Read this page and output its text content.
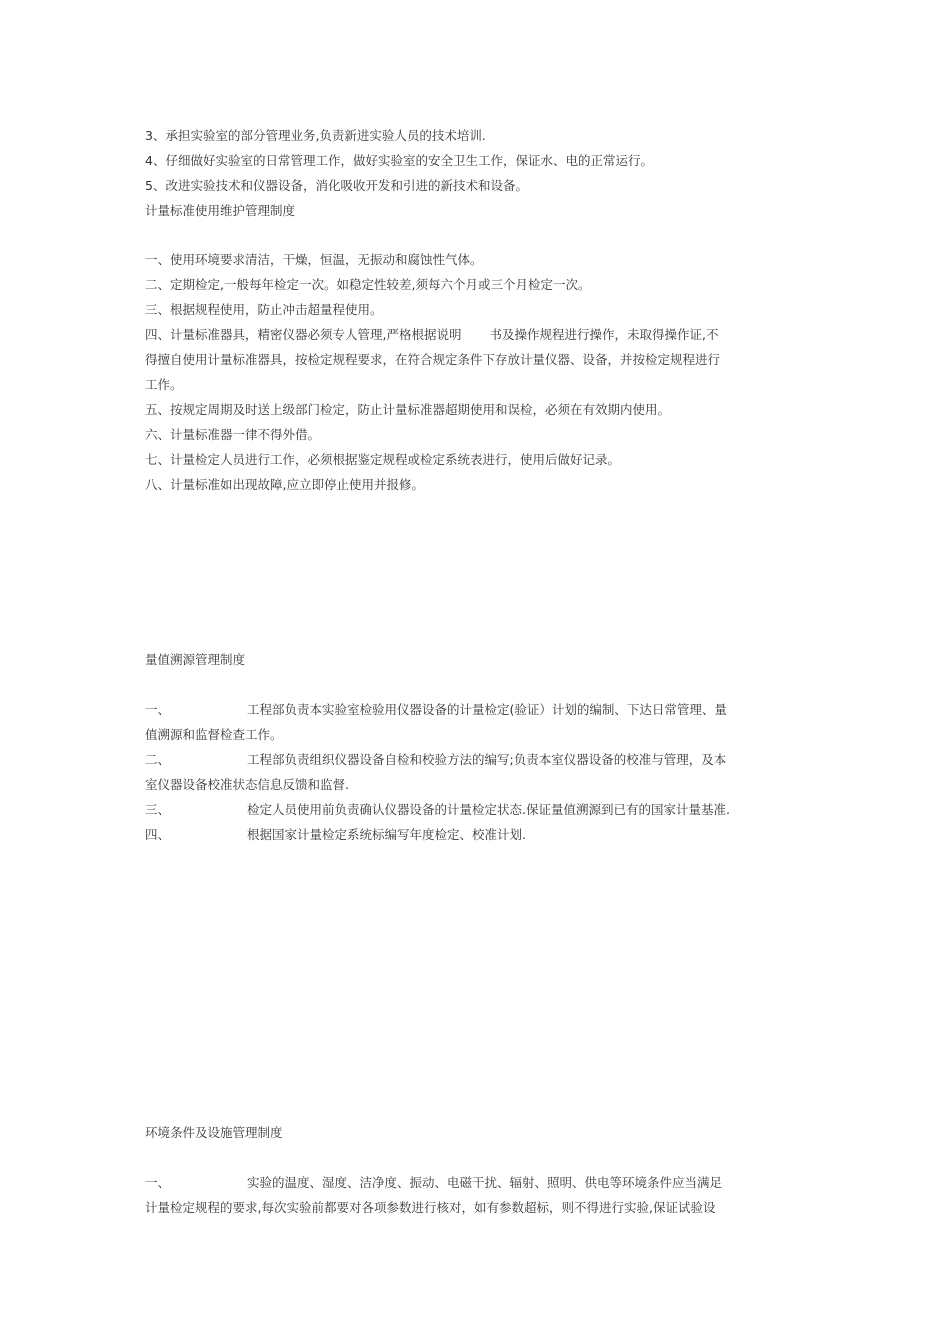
3、承担实验室的部分管理业务,负责新进实验人员的技术培训.
4、仔细做好实验室的日常管理工作，做好实验室的安全卫生工作，保证水、电的正常运行。
5、改进实验技术和仪器设备，消化吸收开发和引进的新技术和设备。
计量标准使用维护管理制度
一、使用环境要求清洁，干燥，恒温，无振动和腐蚀性气体。
二、定期检定,一般每年检定一次。如稳定性较差,须每六个月或三个月检定一次。
三、根据规程使用，防止冲击超量程使用。
四、计量标准器具，精密仪器必须专人管理,严格根据说明 书及操作规程进行操作，未取得操作证,不
得擅自使用计量标准器具，按检定规程要求，在符合规定条件下存放计量仪器、设备，并按检定规程进行
工作。
五、按规定周期及时送上级部门检定，防止计量标准器超期使用和误检，必须在有效期内使用。
六、计量标准器一律不得外借。
七、计量检定人员进行工作，必须根据鉴定规程或检定系统表进行，使用后做好记录。
八、计量标准如出现故障,应立即停止使用并报修。
量值溯源管理制度
一、	工程部负责本实验室检验用仪器设备的计量检定(验证）计划的编制、下达日常管理、量
值溯源和监督检查工作。
二、	工程部负责组织仪器设备自检和校验方法的编写;负责本室仪器设备的校准与管理，及本
室仪器设备校准状态信息反馈和监督.
三、	检定人员使用前负责确认仪器设备的计量检定状态.保证量值溯源到已有的国家计量基准.
四、	根据国家计量检定系统标编写年度检定、校准计划.
环境条件及设施管理制度
一、	实验的温度、湿度、洁净度、振动、电磁干扰、辐射、照明、供电等环境条件应当满足
计量检定规程的要求,每次实验前都要对各项参数进行核对，如有参数超标，则不得进行实验,保证试验设
